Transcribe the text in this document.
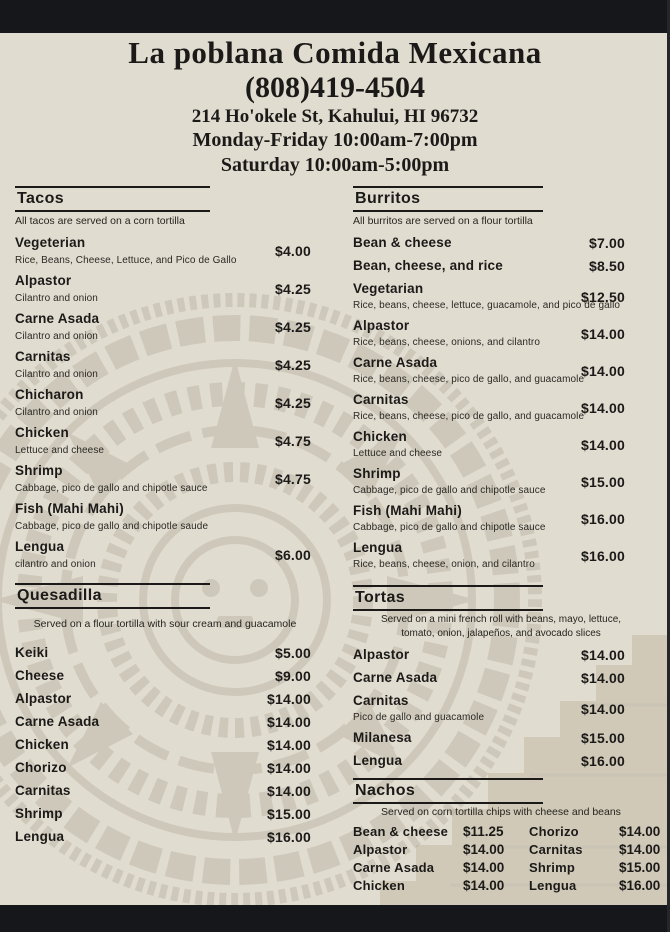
La poblana Comida Mexicana
(808)419-4504
214 Ho'okele St, Kahului, HI 96732
Monday-Friday 10:00am-7:00pm
Saturday 10:00am-5:00pm
Tacos
All tacos are served on a corn tortilla
Vegeterian
Rice, Beans, Cheese, Lettuce, and Pico de Gallo
$4.00
Alpastor
Cilantro and onion
$4.25
Carne Asada
Cilantro and onion
$4.25
Carnitas
Cilantro and onion
$4.25
Chicharon
Cilantro and onion
$4.25
Chicken
Lettuce and cheese
$4.75
Shrimp
Cabbage, pico de gallo and chipotle sauce
$4.75
Fish (Mahi Mahi)
Cabbage, pico de gallo and chipotle saude
Lengua
cilantro and onion
$6.00
Quesadilla
Served on a flour tortilla with sour cream and guacamole
Keiki	$5.00
Cheese	$9.00
Alpastor	$14.00
Carne Asada	$14.00
Chicken	$14.00
Chorizo	$14.00
Carnitas	$14.00
Shrimp	$15.00
Lengua	$16.00
Burritos
All burritos are served on a flour tortilla
Bean & cheese	$7.00
Bean, cheese, and rice	$8.50
Vegetarian
Rice, beans, cheese, lettuce, guacamole, and pico de gallo
$12.50
Alpastor
Rice, beans, cheese, onions, and cilantro
$14.00
Carne Asada
Rice, beans, cheese, pico de gallo, and guacamole
$14.00
Carnitas
Rice, beans, cheese, pico de gallo, and guacamole
$14.00
Chicken
Lettuce and cheese
$14.00
Shrimp
Cabbage, pico de gallo and chipotle sauce
$15.00
Fish (Mahi Mahi)
Cabbage, pico de gallo and chipotle sauce
$16.00
Lengua
Rice, beans, cheese, onion, and cilantro
$16.00
Tortas
Served on a mini french roll with beans, mayo, lettuce, tomato, onion, jalapeños, and avocado slices
Alpastor	$14.00
Carne Asada	$14.00
Carnitas
Pico de gallo and guacamole
$14.00
Milanesa	$15.00
Lengua	$16.00
Nachos
Served on corn tortilla chips with cheese and beans
Bean & cheese	$11.25	Chorizo	$14.00
Alpastor	$14.00	Carnitas	$14.00
Carne Asada	$14.00	Shrimp	$15.00
Chicken	$14.00	Lengua	$16.00
